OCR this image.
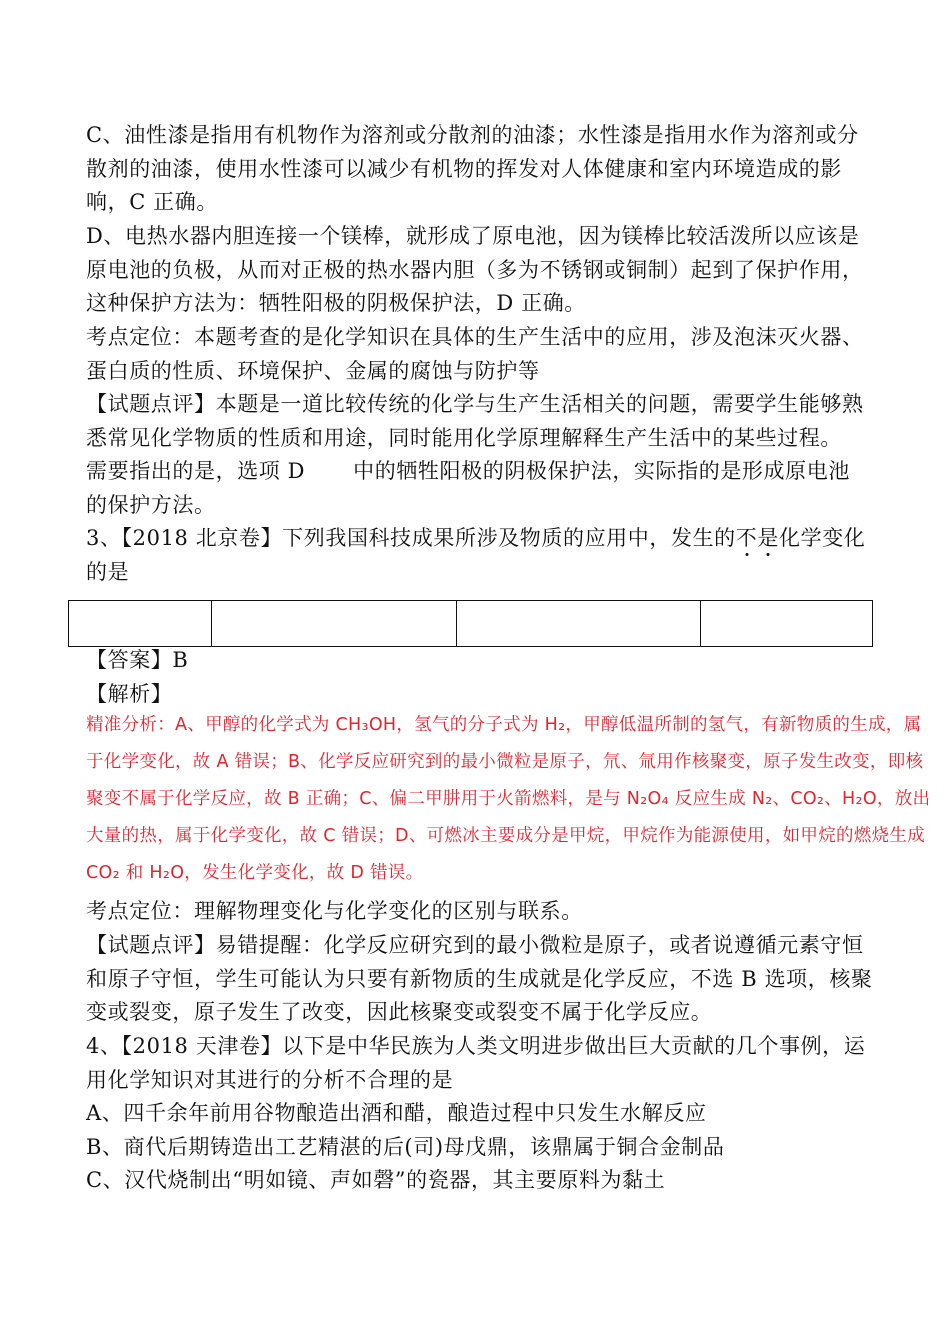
C、油性漆是指用有机物作为溶剂或分散剂的油漆；水性漆是指用水作为溶剂或分
散剂的油漆，使用水性漆可以减少有机物的挥发对人体健康和室内环境造成的影
响，C 正确。
D、电热水器内胆连接一个镁棒，就形成了原电池，因为镁棒比较活泼所以应该是
原电池的负极，从而对正极的热水器内胆（多为不锈钢或铜制）起到了保护作用，
这种保护方法为：牺牲阳极的阴极保护法，D 正确。
考点定位：本题考查的是化学知识在具体的生产生活中的应用，涉及泡沫灭火器、
蛋白质的性质、环境保护、金属的腐蚀与防护等
【试题点评】本题是一道比较传统的化学与生产生活相关的问题，需要学生能够熟
悉常见化学物质的性质和用途，同时能用化学原理解释生产生活中的某些过程。
需要指出的是，选项 D 中的牺牲阳极的阴极保护法，实际指的是形成原电池
的保护方法。
3、【2018 北京卷】下列我国科技成果所涉及物质的应用中，发生的不是化学变化
的是

【答案】B
【解析】
精准分析：A、甲醇的化学式为 CH₃OH，氢气的分子式为 H₂，甲醇低温所制的氢气，有新物质的生成，属
于化学变化，故 A 错误；B、化学反应研究到的最小微粒是原子，氘、氚用作核聚变，原子发生改变，即核
聚变不属于化学反应，故 B 正确；C、偏二甲肼用于火箭燃料，是与 N₂O₄ 反应生成 N₂、CO₂、H₂O，放出
大量的热，属于化学变化，故 C 错误；D、可燃冰主要成分是甲烷，甲烷作为能源使用，如甲烷的燃烧生成
CO₂ 和 H₂O，发生化学变化，故 D 错误。
考点定位：理解物理变化与化学变化的区别与联系。
【试题点评】易错提醒：化学反应研究到的最小微粒是原子，或者说遵循元素守恒
和原子守恒，学生可能认为只要有新物质的生成就是化学反应，不选 B 选项，核聚
变或裂变，原子发生了改变，因此核聚变或裂变不属于化学反应。
4、【2018 天津卷】以下是中华民族为人类文明进步做出巨大贡献的几个事例，运
用化学知识对其进行的分析不合理的是
A、四千余年前用谷物酿造出酒和醋，酿造过程中只发生水解反应
B、商代后期铸造出工艺精湛的后(司)母戊鼎，该鼎属于铜合金制品
C、汉代烧制出“明如镜、声如磬”的瓷器，其主要原料为黏土
